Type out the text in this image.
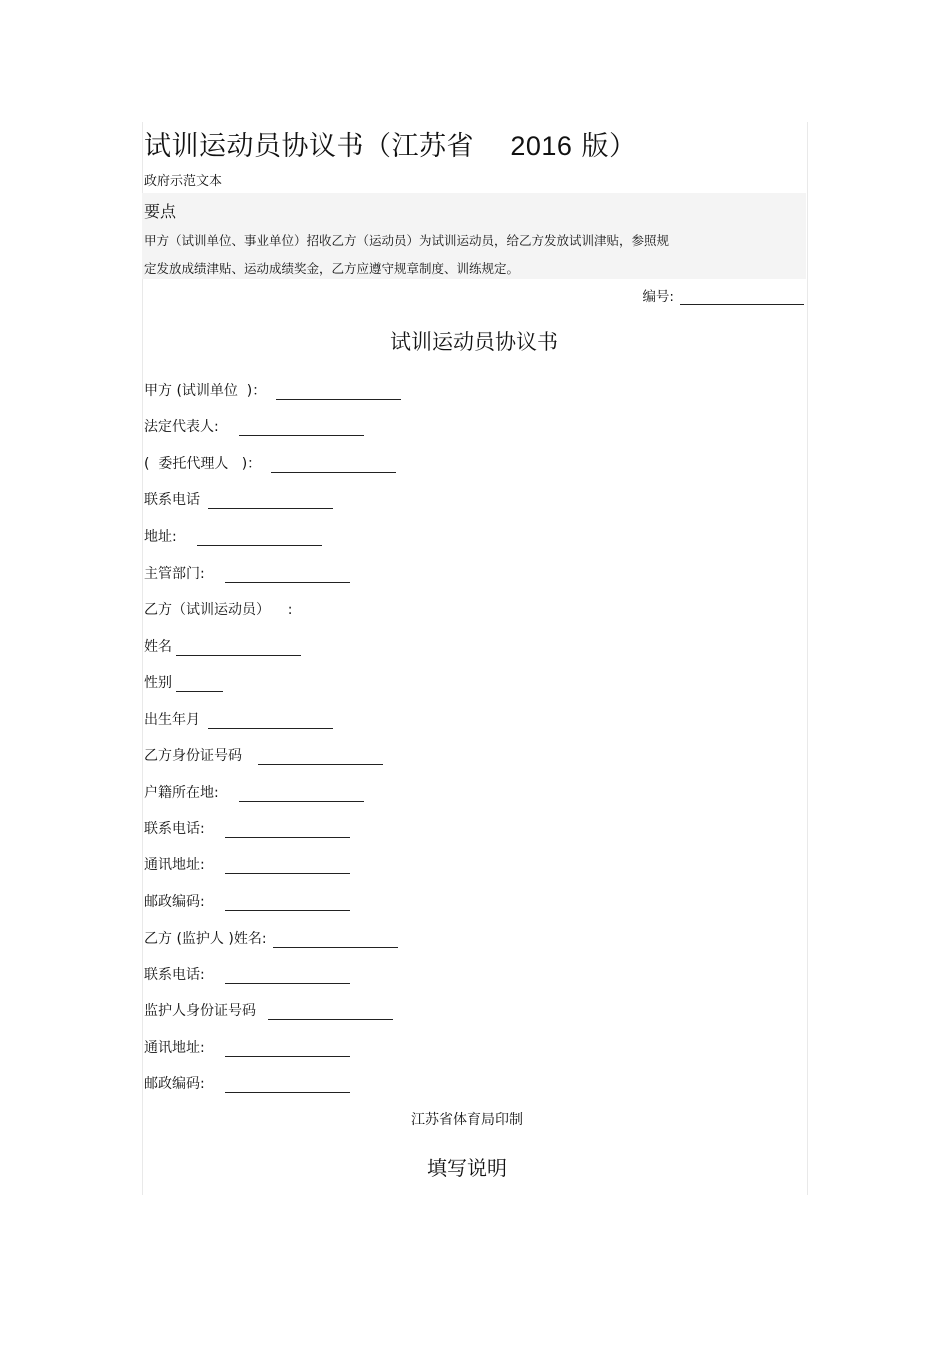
试训运动员协议书（江苏省 2016 版）
政府示范文本
要点
甲方（试训单位、事业单位）招收乙方（运动员）为试训运动员，给乙方发放试训津贴，参照规
定发放成绩津贴、运动成绩奖金，乙方应遵守规章制度、训练规定。
编号:
试训运动员协议书
甲方 (试训单位  )：
法定代表人:
(  委托代理人   )：
联系电话
地址:
主管部门:
乙方（试训运动员）    :
姓名
性别
出生年月
乙方身份证号码
户籍所在地:
联系电话:
通讯地址:
邮政编码:
乙方 (监护人 )姓名:
联系电话:
监护人身份证号码
通讯地址:
邮政编码:
江苏省体育局印制
填写说明
